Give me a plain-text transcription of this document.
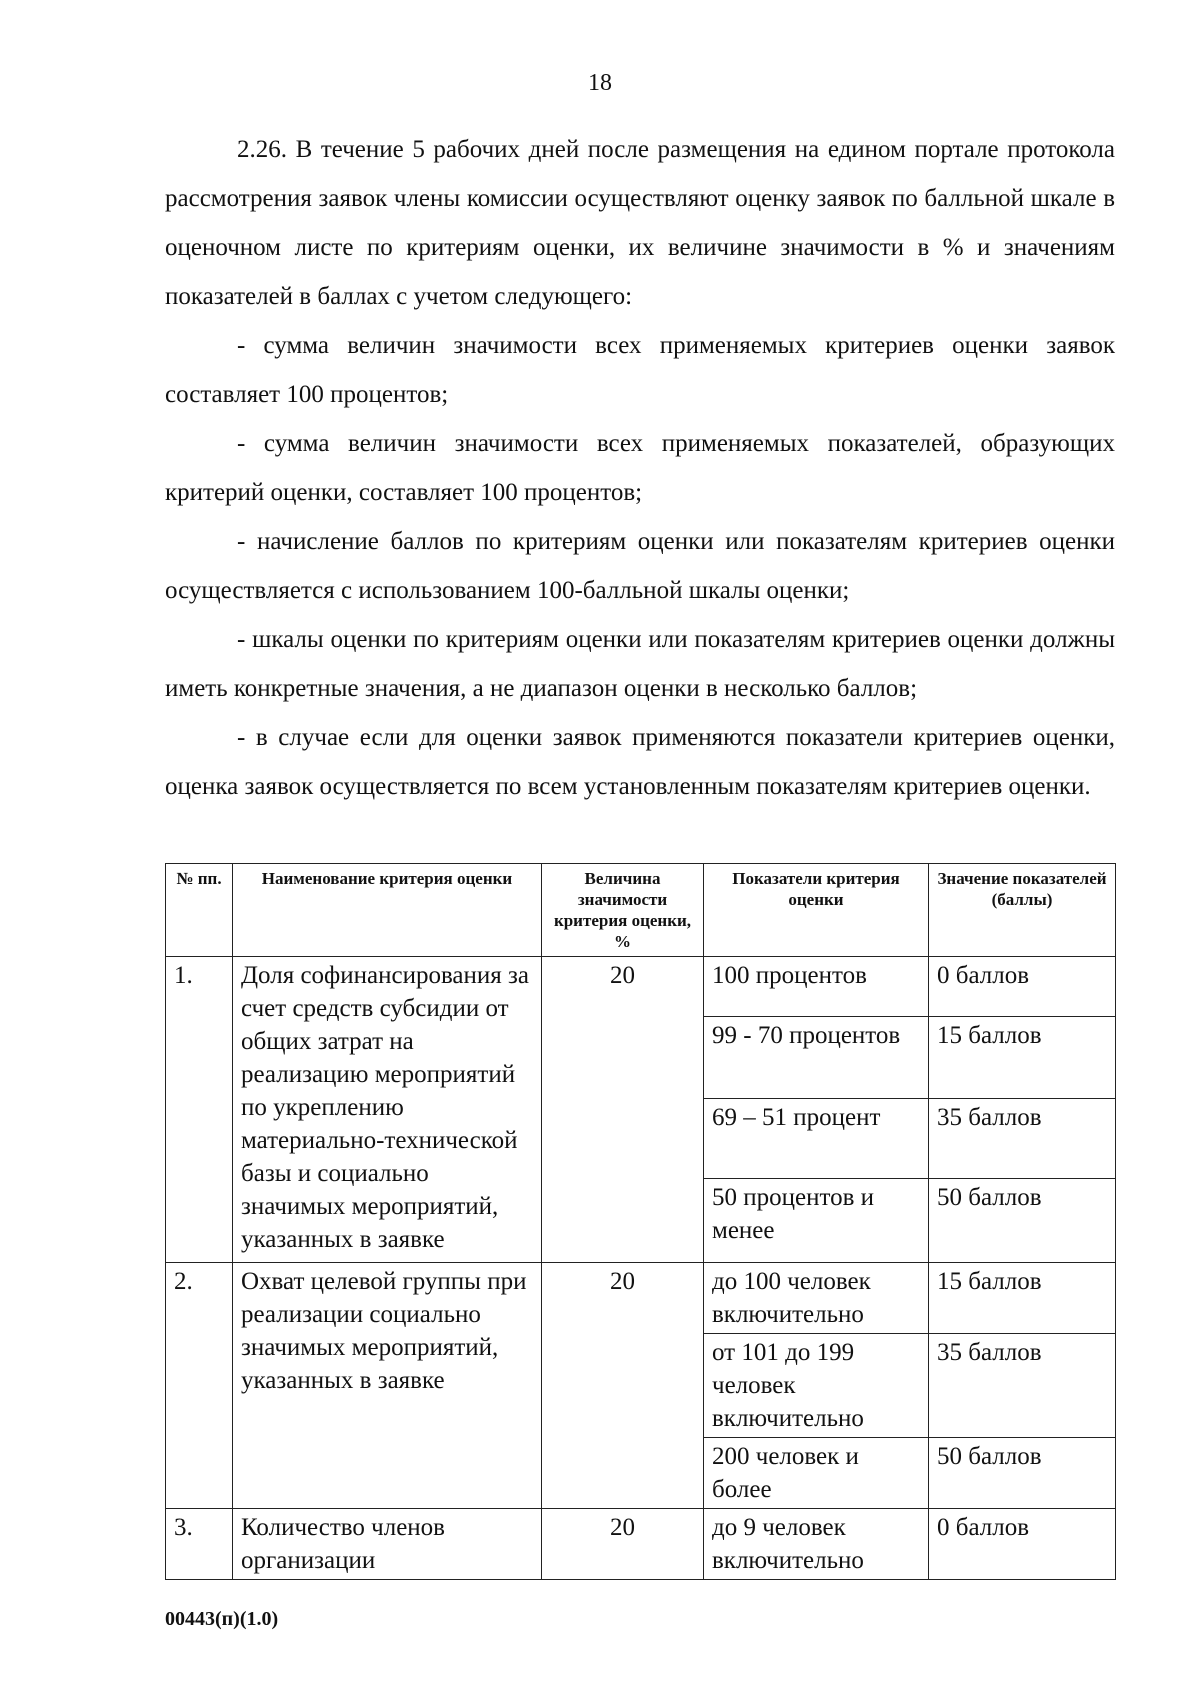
18

2.26. В течение 5 рабочих дней после размещения на едином портале протокола рассмотрения заявок члены комиссии осуществляют оценку заявок по балльной шкале в оценочном листе по критериям оценки, их величине значимости в % и значениям показателей в баллах с учетом следующего:

- сумма величин значимости всех применяемых критериев оценки заявок составляет 100 процентов;

- сумма величин значимости всех применяемых показателей, образующих критерий оценки, составляет 100 процентов;

- начисление баллов по критериям оценки или показателям критериев оценки осуществляется с использованием 100-балльной шкалы оценки;

- шкалы оценки по критериям оценки или показателям критериев оценки должны иметь конкретные значения, а не диапазон оценки в несколько баллов;

- в случае если для оценки заявок применяются показатели критериев оценки, оценка заявок осуществляется по всем установленным показателям критериев оценки.

№ пп.	Наименование критерия оценки	Величина значимости критерия оценки, %	Показатели критерия оценки	Значение показателей (баллы)
1.	Доля софинансирования за счет средств субсидии от общих затрат на реализацию мероприятий по укреплению материально-технической базы и социально значимых мероприятий, указанных в заявке	20	100 процентов	0 баллов
			99 - 70 процентов	15 баллов
			69 – 51 процент	35 баллов
			50 процентов и менее	50 баллов
2.	Охват целевой группы при реализации социально значимых мероприятий, указанных в заявке	20	до 100 человек включительно	15 баллов
			от 101 до 199 человек включительно	35 баллов
			200 человек и более	50 баллов
3.	Количество членов организации	20	до 9 человек включительно	0 баллов
00443(п)(1.0)
